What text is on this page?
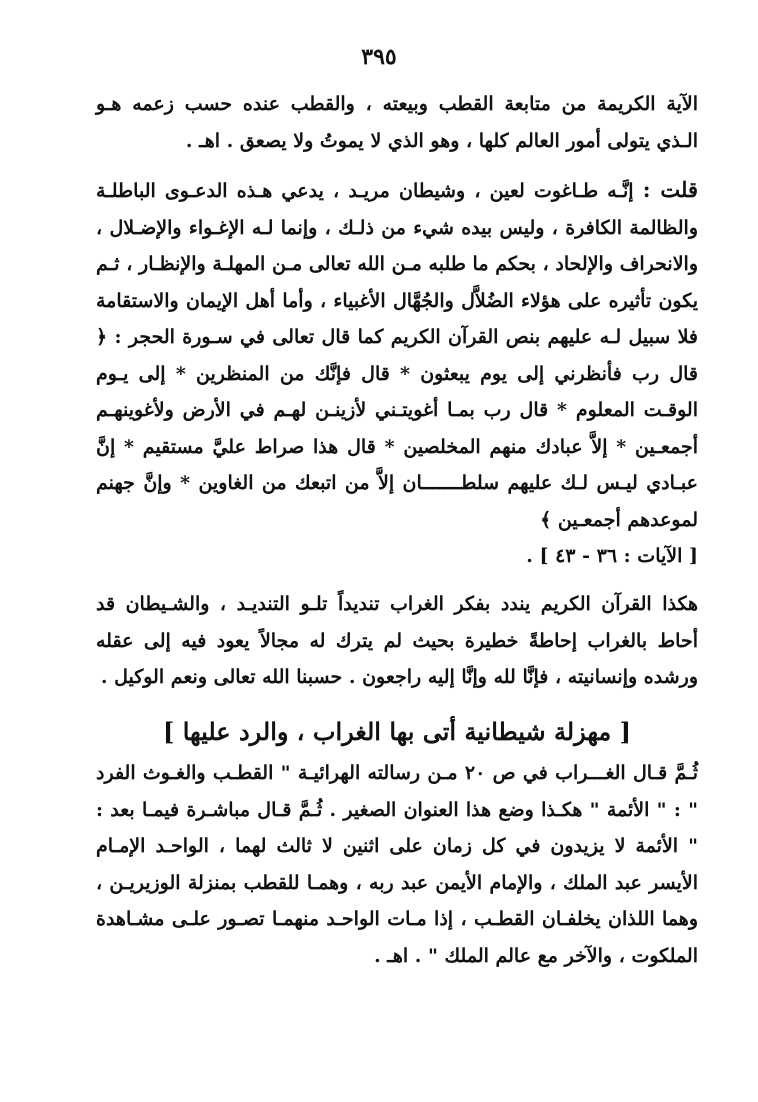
٣٩٥
الآية الكريمة من متابعة القطب وبيعته ، والقطب عنده حسب زعمه هـو الـذي يتولى أمور العالم كلها ، وهو الذي لا يموتُ ولا يصعق . اهـ .
قلت : إنَّـه طـاغوت لعين ، وشيطان مريـد ، يدعي هـذه الدعـوى الباطلـة والظالمة الكافرة ، وليس بيده شيء من ذلـك ، وإنما لـه الإغـواء والإضـلال ، والانحراف والإلحاد ، بحكم ما طلبه مـن الله تعالى مـن المهلـة والإنظـار ، ثـم يكون تأثيره على هؤلاء الضُلاَّل والجُهَّال الأغبياء ، وأما أهل الإيمان والاستقامة فلا سبيل لـه عليهم بنص القرآن الكريم كما قال تعالى في سـورة الحجر : ﴿ قال رب فأنظرني إلى يوم يبعثون * قال فإنَّك من المنظرين * إلى يـوم الوقـت المعلوم * قال رب بمـا أغويتـني لأزينـن لهـم في الأرض ولأغوينهـم أجمعـين * إلاَّ عبادك منهم المخلصين * قال هذا صراط عليَّ مستقيم * إنَّ عبـادي ليـس لـك عليهم سلطـــــــان إلاَّ من اتبعك من الغاوين * وإنَّ جهنم لموعدهم أجمعـين ﴾
[ الآيات : ٣٦ - ٤٣ ] .
هكذا القرآن الكريم يندد بفكر الغراب تنديداً تلـو التنديـد ، والشـيطان قد أحاط بالغراب إحاطةً خطيرة بحيث لم يترك له مجالاً يعود فيه إلى عقله ورشده وإنسانيته ، فإنَّا لله وإنَّا إليه راجعون . حسبنا الله تعالى ونعم الوكيل .
[ مهزلة شيطانية أتى بها الغراب ، والرد عليها ]
ثُـمَّ قـال الغـــراب في ص ٢٠ مـن رسالته الهرائيـة " القطـب والغـوث الفرد " : " الأئمة " هكـذا وضع هذا العنوان الصغير . ثُـمَّ قـال مباشـرة فيمـا بعد : " الأئمة لا يزيدون في كل زمان على اثنين لا ثالث لهما ، الواحـد الإمـام الأيسر عبد الملك ، والإمام الأيمن عبد ربه ، وهمـا للقطب بمنزلة الوزيريـن ، وهما اللذان يخلفـان القطـب ، إذا مـات الواحـد منهمـا تصـور علـى مشـاهدة الملكوت ، والآخر مع عالم الملك " . اهـ .
